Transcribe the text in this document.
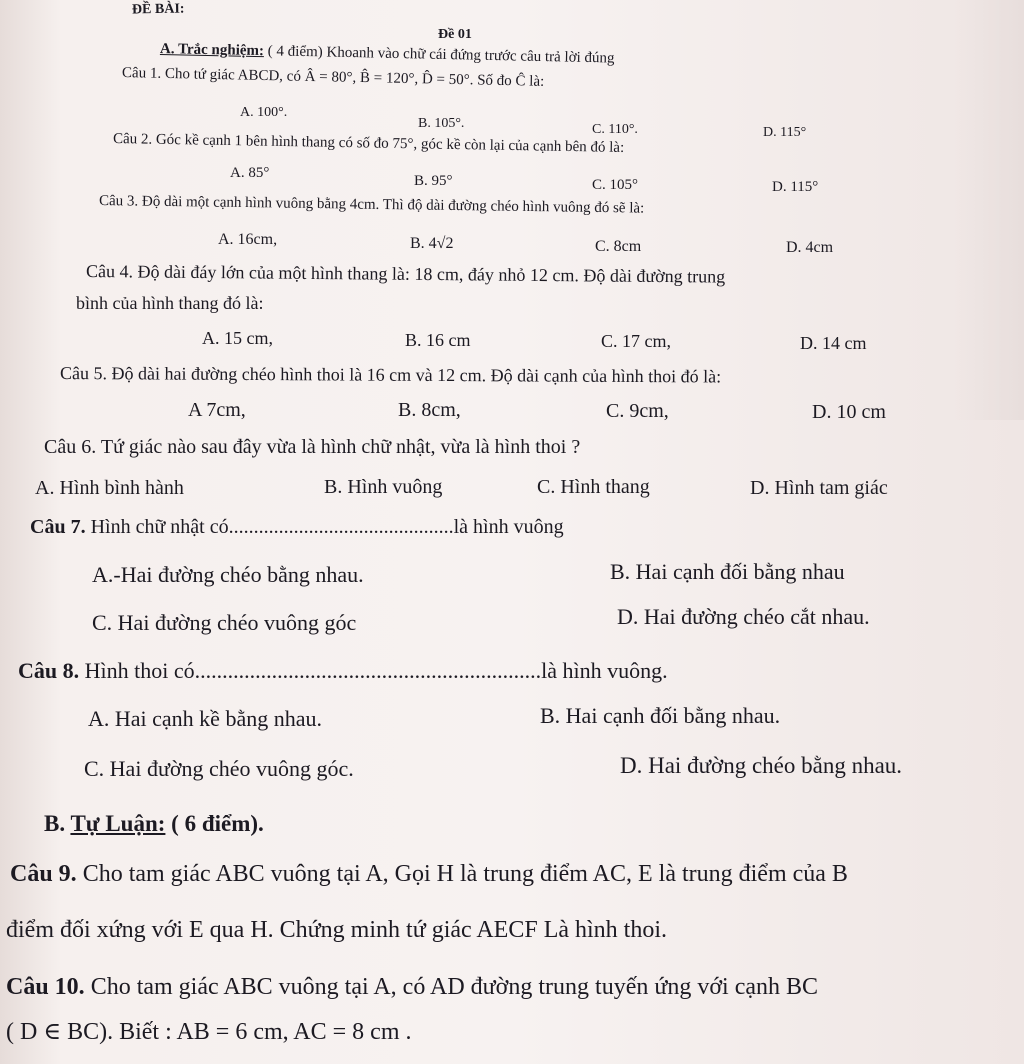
ĐỀ BÀI:
Đề 01
A. Trắc nghiệm: ( 4 điểm) Khoanh vào chữ cái đứng trước câu trả lời đúng
Câu 1. Cho tứ giác ABCD, có Â = 80°, B̂ = 120°, D̂ = 50°. Số đo Ĉ là:
A. 100°.
B. 105°.	C. 110°.	D. 115°
Câu 2. Góc kề cạnh 1 bên hình thang có số đo 75°, góc kề còn lại của cạnh bên đó là:
A. 85°	B. 95°	C. 105°	D. 115°
Câu 3. Độ dài một cạnh hình vuông bằng 4cm. Thì độ dài đường chéo hình vuông đó sẽ là:
A. 16cm,	B. 4√2	C. 8cm	D. 4cm
Câu 4. Độ dài đáy lớn của một hình thang là: 18 cm, đáy nhỏ 12 cm. Độ dài đường trung
bình của hình thang đó là:
A. 15 cm,	B. 16 cm	C. 17 cm,	D. 14 cm
Câu 5. Độ dài hai đường chéo hình thoi là 16 cm và 12 cm. Độ dài cạnh của hình thoi đó là:
A 7cm,	B. 8cm,	C. 9cm,	D. 10 cm
Câu 6. Tứ giác nào sau đây vừa là hình chữ nhật, vừa là hình thoi ?
A. Hình bình hành	B. Hình vuông	C. Hình thang	D. Hình tam giác
Câu 7. Hình chữ nhật có.............................................là hình vuông
A.-Hai đường chéo bằng nhau.	B. Hai cạnh đối bằng nhau
C. Hai đường chéo vuông góc	D. Hai đường chéo cắt nhau.
Câu 8. Hình thoi có...............................................................là hình vuông.
A. Hai cạnh kề bằng nhau.	B. Hai cạnh đối bằng nhau.
C. Hai đường chéo vuông góc.	D. Hai đường chéo bằng nhau.
B. Tự Luận: ( 6 điểm).
Câu 9. Cho tam giác ABC vuông tại A, Gọi H là trung điểm AC, E là trung điểm của B
điểm đối xứng với E qua H. Chứng minh tứ giác AECF Là hình thoi.
Câu 10. Cho tam giác ABC vuông tại A, có AD đường trung tuyến ứng với cạnh BC
( D ∈ BC). Biết : AB = 6 cm, AC = 8 cm .
